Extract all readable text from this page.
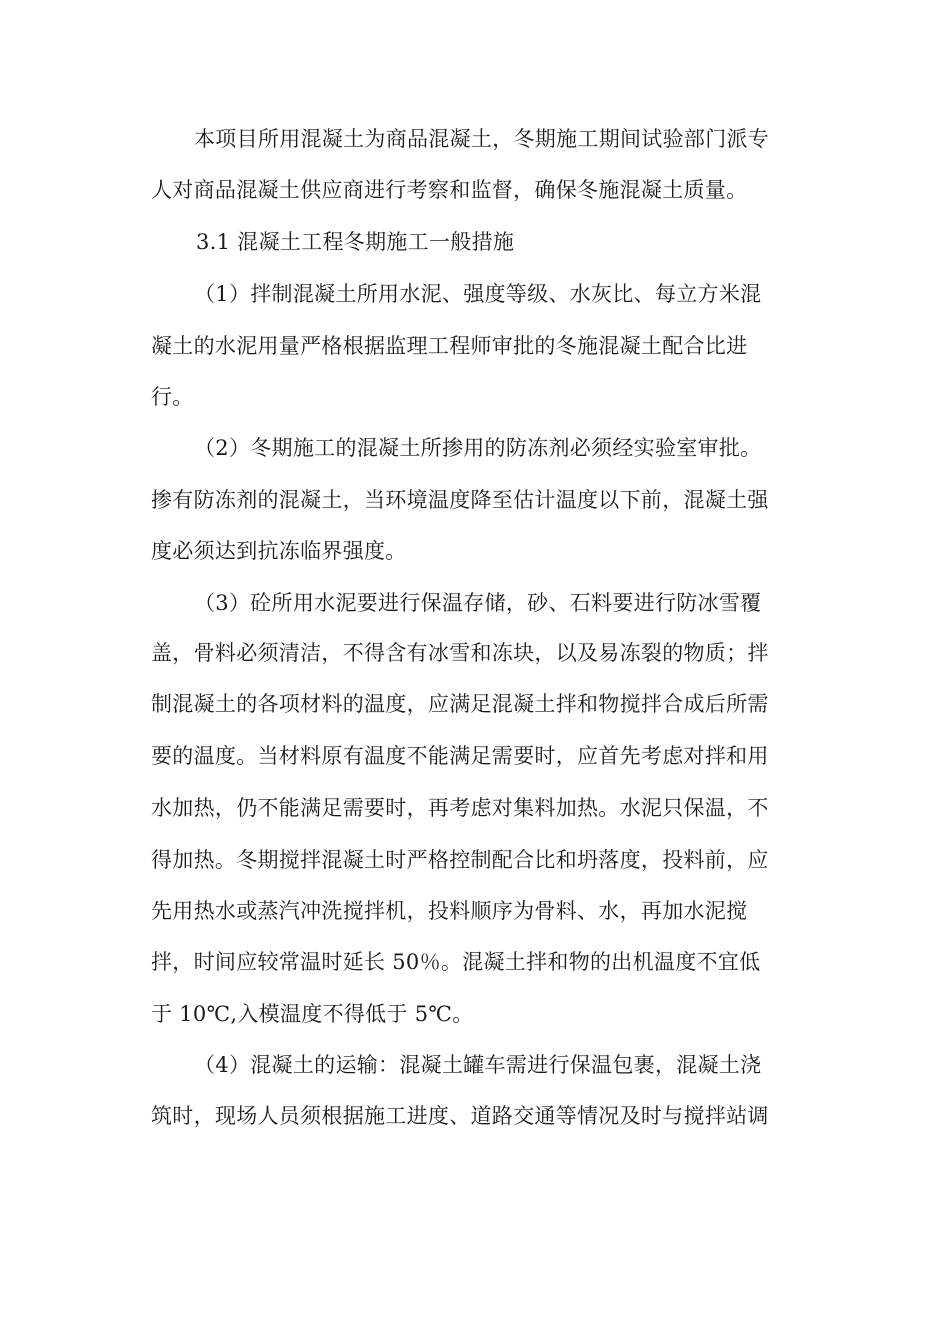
本项目所用混凝土为商品混凝土，冬期施工期间试验部门派专
人对商品混凝土供应商进行考察和监督，确保冬施混凝土质量。
3.1 混凝土工程冬期施工一般措施
（1）拌制混凝土所用水泥、强度等级、水灰比、每立方米混
凝土的水泥用量严格根据监理工程师审批的冬施混凝土配合比进
行。
（2）冬期施工的混凝土所掺用的防冻剂必须经实验室审批。
掺有防冻剂的混凝土，当环境温度降至估计温度以下前，混凝土强
度必须达到抗冻临界强度。
（3）砼所用水泥要进行保温存储，砂、石料要进行防冰雪覆
盖，骨料必须清洁，不得含有冰雪和冻块，以及易冻裂的物质；拌
制混凝土的各项材料的温度，应满足混凝土拌和物搅拌合成后所需
要的温度。当材料原有温度不能满足需要时，应首先考虑对拌和用
水加热，仍不能满足需要时，再考虑对集料加热。水泥只保温，不
得加热。冬期搅拌混凝土时严格控制配合比和坍落度，投料前，应
先用热水或蒸汽冲洗搅拌机，投料顺序为骨料、水，再加水泥搅
拌，时间应较常温时延长 50％。混凝土拌和物的出机温度不宜低
于 10℃,入模温度不得低于 5℃。
（4）混凝土的运输：混凝土罐车需进行保温包裹，混凝土浇
筑时，现场人员须根据施工进度、道路交通等情况及时与搅拌站调
